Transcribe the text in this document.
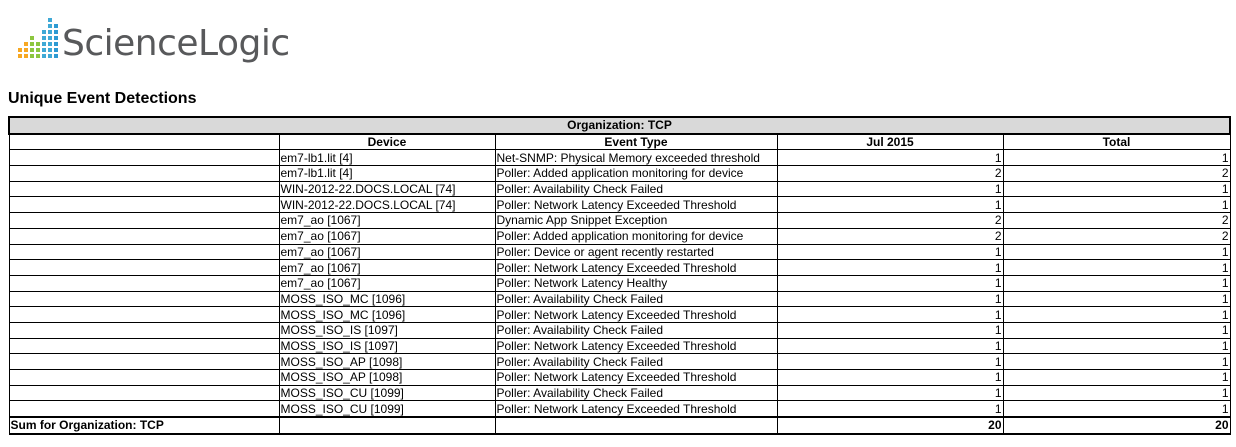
ScienceLogic
Unique Event Detections
Organization: TCP				
	Device	Event Type	Jul 2015	Total
	em7-lb1.lit [4]	Net-SNMP: Physical Memory exceeded threshold	1	1
	em7-lb1.lit [4]	Poller: Added application monitoring for device	2	2
	WIN-2012-22.DOCS.LOCAL [74]	Poller: Availability Check Failed	1	1
	WIN-2012-22.DOCS.LOCAL [74]	Poller: Network Latency Exceeded Threshold	1	1
	em7_ao [1067]	Dynamic App Snippet Exception	2	2
	em7_ao [1067]	Poller: Added application monitoring for device	2	2
	em7_ao [1067]	Poller: Device or agent recently restarted	1	1
	em7_ao [1067]	Poller: Network Latency Exceeded Threshold	1	1
	em7_ao [1067]	Poller: Network Latency Healthy	1	1
	MOSS_ISO_MC [1096]	Poller: Availability Check Failed	1	1
	MOSS_ISO_MC [1096]	Poller: Network Latency Exceeded Threshold	1	1
	MOSS_ISO_IS [1097]	Poller: Availability Check Failed	1	1
	MOSS_ISO_IS [1097]	Poller: Network Latency Exceeded Threshold	1	1
	MOSS_ISO_AP [1098]	Poller: Availability Check Failed	1	1
	MOSS_ISO_AP [1098]	Poller: Network Latency Exceeded Threshold	1	1
	MOSS_ISO_CU [1099]	Poller: Availability Check Failed	1	1
	MOSS_ISO_CU [1099]	Poller: Network Latency Exceeded Threshold	1	1
Sum for Organization: TCP			20	20
